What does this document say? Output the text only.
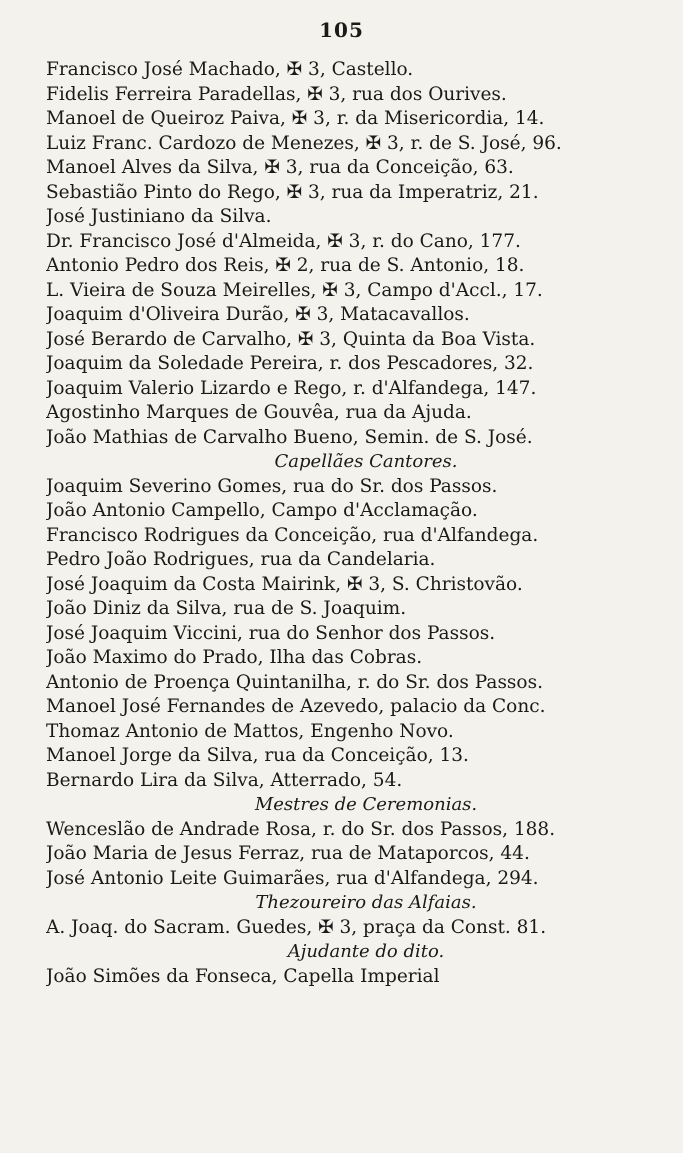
105
Francisco José Machado, ✠ 3, Castello.
Fidelis Ferreira Paradellas, ✠ 3, rua dos Ourives.
Manoel de Queiroz Paiva, ✠ 3, r. da Misericordia, 14.
Luiz Franc. Cardozo de Menezes, ✠ 3, r. de S. José, 96.
Manoel Alves da Silva, ✠ 3, rua da Conceição, 63.
Sebastião Pinto do Rego, ✠ 3, rua da Imperatriz, 21.
José Justiniano da Silva.
Dr. Francisco José d'Almeida, ✠ 3, r. do Cano, 177.
Antonio Pedro dos Reis, ✠ 2, rua de S. Antonio, 18.
L. Vieira de Souza Meirelles, ✠ 3, Campo d'Accl., 17.
Joaquim d'Oliveira Durão, ✠ 3, Matacavallos.
José Berardo de Carvalho, ✠ 3, Quinta da Boa Vista.
Joaquim da Soledade Pereira, r. dos Pescadores, 32.
Joaquim Valerio Lizardo e Rego, r. d'Alfandega, 147.
Agostinho Marques de Gouvêa, rua da Ajuda.
João Mathias de Carvalho Bueno, Semin. de S. José.
Capellães Cantores.
Joaquim Severino Gomes, rua do Sr. dos Passos.
João Antonio Campello, Campo d'Acclamação.
Francisco Rodrigues da Conceição, rua d'Alfandega.
Pedro João Rodrigues, rua da Candelaria.
José Joaquim da Costa Mairink, ✠ 3, S. Christovão.
João Diniz da Silva, rua de S. Joaquim.
José Joaquim Viccini, rua do Senhor dos Passos.
João Maximo do Prado, Ilha das Cobras.
Antonio de Proença Quintanilha, r. do Sr. dos Passos.
Manoel José Fernandes de Azevedo, palacio da Conc.
Thomaz Antonio de Mattos, Engenho Novo.
Manoel Jorge da Silva, rua da Conceição, 13.
Bernardo Lira da Silva, Atterrado, 54.
Mestres de Ceremonias.
Wenceslão de Andrade Rosa, r. do Sr. dos Passos, 188.
João Maria de Jesus Ferraz, rua de Mataporcos, 44.
José Antonio Leite Guimarães, rua d'Alfandega, 294.
Thezoureiro das Alfaias.
A. Joaq. do Sacram. Guedes, ✠ 3, praça da Const. 81.
Ajudante do dito.
João Simões da Fonseca, Capella Imperial
